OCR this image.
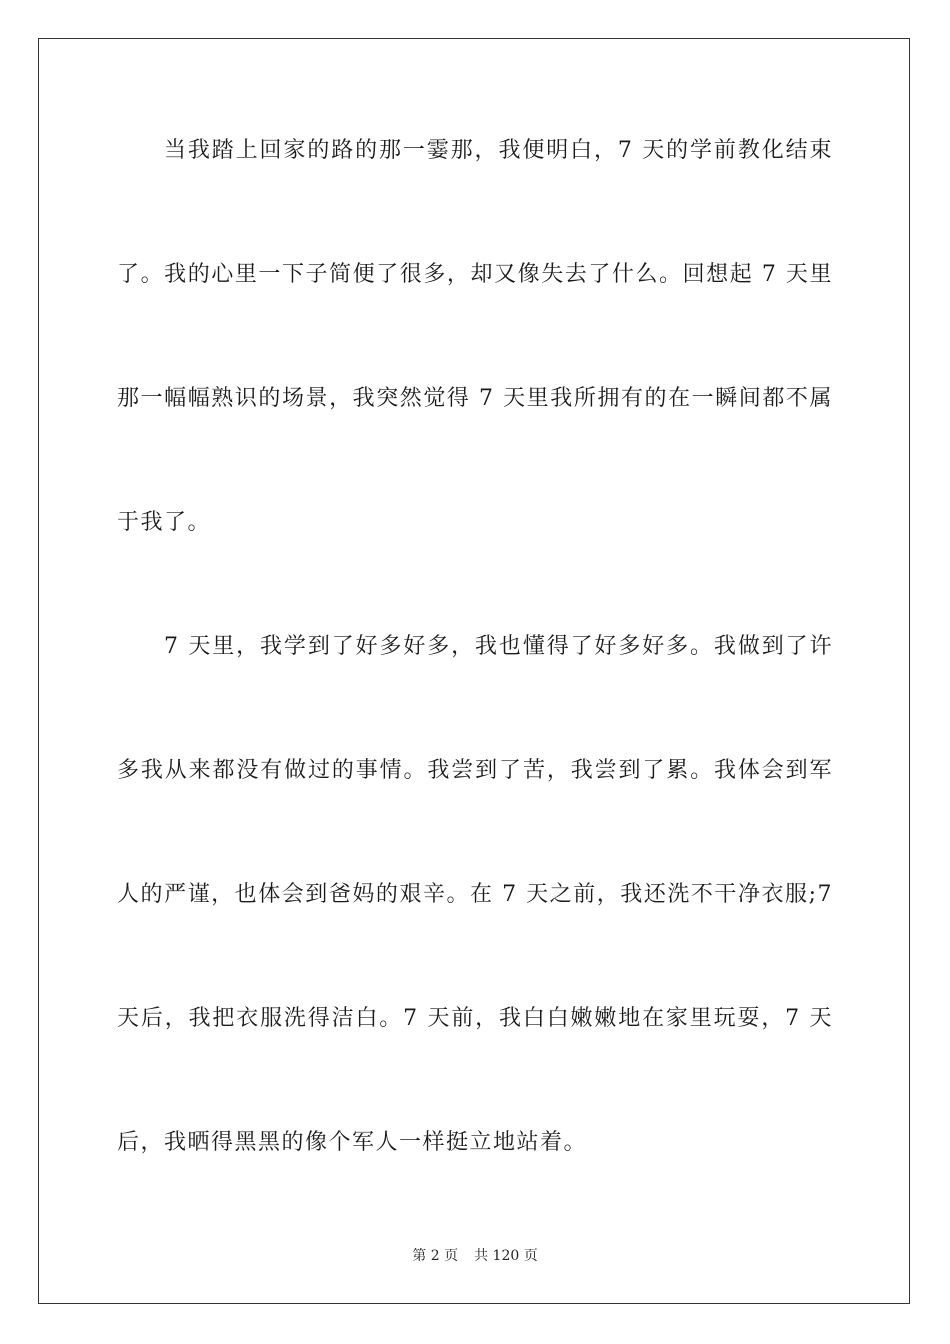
当我踏上回家的路的那一霎那，我便明白，7 天的学前教化结束
了。我的心里一下子简便了很多，却又像失去了什么。回想起 7 天里
那一幅幅熟识的场景，我突然觉得 7 天里我所拥有的在一瞬间都不属
于我了。
7 天里，我学到了好多好多，我也懂得了好多好多。我做到了许
多我从来都没有做过的事情。我尝到了苦，我尝到了累。我体会到军
人的严谨，也体会到爸妈的艰辛。在 7 天之前，我还洗不干净衣服;7
天后，我把衣服洗得洁白。7 天前，我白白嫩嫩地在家里玩耍，7 天
后，我晒得黑黑的像个军人一样挺立地站着。
第 2 页 共 120 页
